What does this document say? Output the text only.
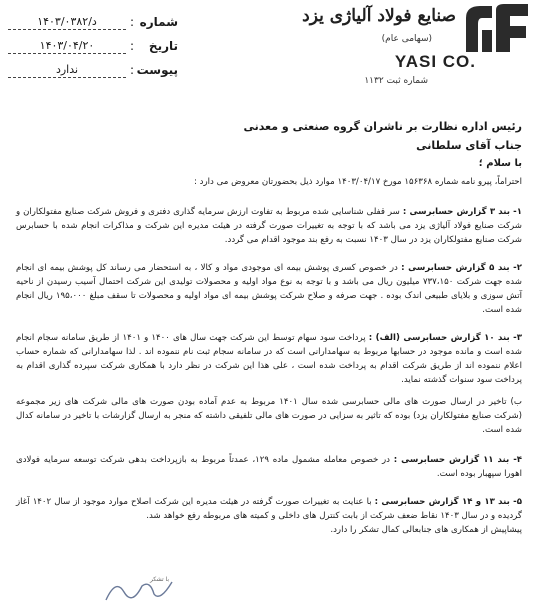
شماره
:
د/۱۴۰۳/۰۳۸۲
تاریخ
:
۱۴۰۳/۰۴/۲۰
پیوست
:
ندارد
صنایع فولاد آلیاژی یزد
(سهامی عام)
YASI CO.
شماره ثبت ۱۱۳۲

رئیس اداره نظارت بر ناشران گروه صنعتی و معدنی

جناب آقای سلطانی

با سلام ؛

احتراماً، پیرو نامه شماره ۱۵۶۳۶۸ مورخ ۱۴۰۳/۰۴/۱۷ موارد ذیل بحضورتان معروض می دارد :

۱- بند ۳ گزارش حسابرسی : سر قفلی شناسایی شده مربوط به تفاوت ارزش سرمایه گذاری دفتری و فروش شرکت صنایع مفتولکاران و شرکت صنایع فولاد آلیاژی یزد می باشد که با توجه به تغییرات صورت گرفته در هیئت مدیره این شرکت و مذاکرات انجام شده با حسابرس شرکت صنایع مفتولکاران یزد در سال ۱۴۰۳ نسبت به رفع بند موجود اقدام می گردد.

۲- بند ۵ گزارش حسابرسی : در خصوص کسری پوشش بیمه ای موجودی مواد و کالا ، به استحضار می رساند کل پوشش بیمه ای انجام شده جهت شرکت ۷۳۷،۱۵۰ میلیون ریال می باشد و با توجه به نوع مواد اولیه و محصولات تولیدی این شرکت احتمال آسیب رسیدن از ناحیه آتش سوزی و بلایای طبیعی اندک بوده . جهت صرفه و صلاح شرکت پوشش بیمه ای مواد اولیه و محصولات تا سقف مبلغ ۱۹۵،۰۰۰ ریال انجام شده است.

۳- بند ۱۰ گزارش حسابرسی (الف) : پرداخت سود سهام توسط این شرکت جهت سال های ۱۴۰۰ و ۱۴۰۱ از طریق سامانه سجام انجام شده است و مانده موجود در حسابها مربوط به سهامدارانی است که در سامانه سجام ثبت نام ننموده اند . لذا سهامدارانی که شماره حساب اعلام ننموده اند از طریق شرکت اقدام به پرداخت شده است ، علی هذا این شرکت در نظر دارد با همکاری شرکت سپرده گذاری اقدام به پرداخت سود سنوات گذشته نماید.

ب) تاخیر در ارسال صورت های مالی حسابرسی شده سال ۱۴۰۱ مربوط به عدم آماده بودن صورت های مالی شرکت های زیر مجموعه (شرکت صنایع مفتولکاران یزد) بوده که تاثیر به سزایی در صورت های مالی تلفیقی داشته که منجر به ارسال گزارشات با تاخیر در سامانه کدال شده است.

۴- بند ۱۱ گزارش حسابرسی : در خصوص معامله مشمول ماده ۱۲۹، عمدتاً مربوط به بازپرداخت بدهی شرکت توسعه سرمایه فولادی اهورا سپهبار بوده است.

۵- بند ۱۳ و ۱۴ گزارش حسابرسی : با عنایت به تغییرات صورت گرفته در هیئت مدیره این شرکت اصلاح موارد موجود از سال ۱۴۰۲ آغاز گردیده و در سال ۱۴۰۳ نقاط ضعف شرکت از بابت کنترل های داخلی و کمیته های مربوطه رفع خواهد شد.
پیشاپیش از همکاری های جنابعالی کمال تشکر را دارد.

با تشکر
